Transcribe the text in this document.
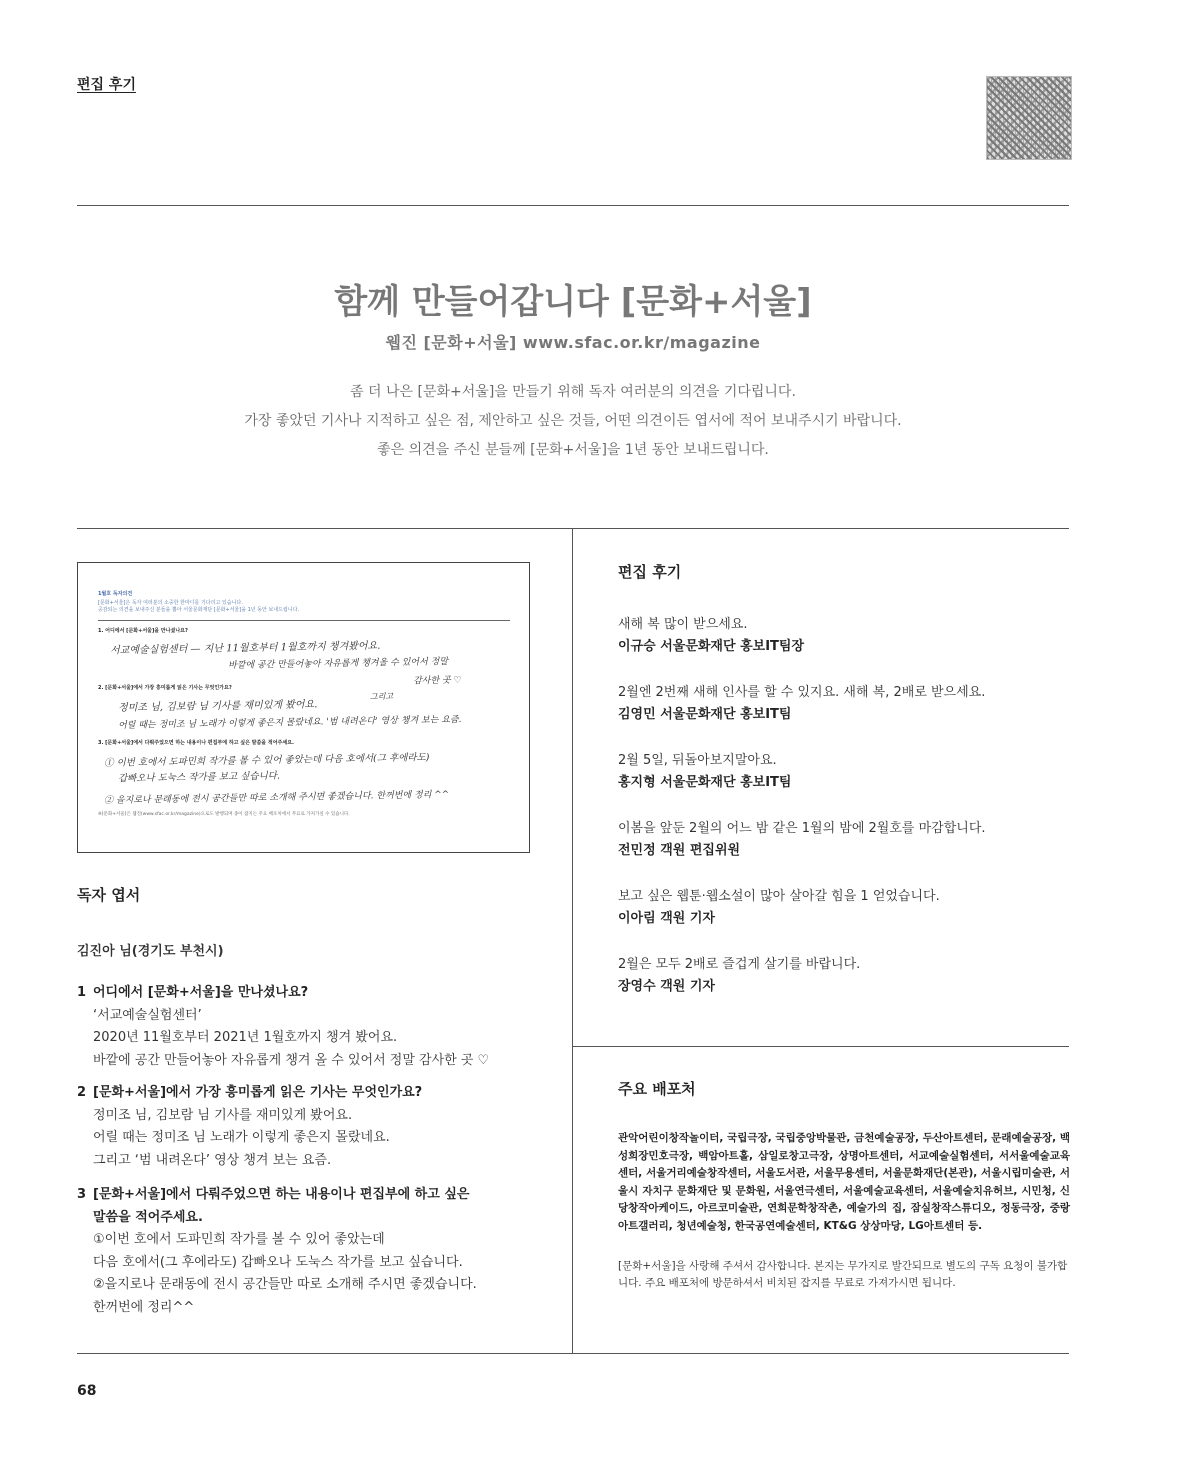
편집 후기
함께 만들어갑니다 [문화+서울]
웹진 [문화+서울] www.sfac.or.kr/magazine
좀 더 나은 [문화+서울]을 만들기 위해 독자 여러분의 의견을 기다립니다.
가장 좋았던 기사나 지적하고 싶은 점, 제안하고 싶은 것들, 어떤 의견이든 엽서에 적어 보내주시기 바랍니다.
좋은 의견을 주신 분들께 [문화+서울]을 1년 동안 보내드립니다.
1월호 독자의견
[문화+서울]은 독자 여러분의 소중한 한마디를 기다리고 있습니다.
공감되는 의견을 보내주신 분들을 뽑아 서울문화재단 [문화+서울]을 1년 동안 보내드립니다.
1. 어디에서 [문화+서울]을 만나셨나요?
서교예술실험센터 — 지난 11월호부터 1월호까지 챙겨봤어요.
바깥에 공간 만들어놓아 자유롭게 챙겨올 수 있어서 정말
감사한 곳 ♡
2. [문화+서울]에서 가장 흥미롭게 읽은 기사는 무엇인가요?
정미조 님, 김보람 님 기사를 재미있게 봤어요.
그리고
어릴 때는 정미조 님 노래가 이렇게 좋은지 몰랐네요. '범 내려온다' 영상 챙겨 보는 요즘.
3. [문화+서울]에서 다뤄주었으면 하는 내용이나 편집부에 하고 싶은 말씀을 적어주세요.
① 이번 호에서 도파민희 작가를 볼 수 있어 좋았는데 다음 호에서(그 후에라도)
갑빠오나 도눅스 작가를 보고 싶습니다.
② 을지로나 문래동에 전시 공간들만 따로 소개해 주시면 좋겠습니다. 한꺼번에 정리 ^^
※[문화+서울]은 웹진(www.sfac.or.kr/magazine)으로도 발행되며 종이 잡지는 주요 배포처에서 무료로 가져가실 수 있습니다.
독자 엽서
김진아 님(경기도 부천시)
1 어디에서 [문화+서울]을 만나셨나요?
‘서교예술실험센터’
2020년 11월호부터 2021년 1월호까지 챙겨 봤어요.
바깥에 공간 만들어놓아 자유롭게 챙겨 올 수 있어서 정말 감사한 곳 ♡
2 [문화+서울]에서 가장 흥미롭게 읽은 기사는 무엇인가요?
정미조 님, 김보람 님 기사를 재미있게 봤어요.
어릴 때는 정미조 님 노래가 이렇게 좋은지 몰랐네요.
그리고 ‘범 내려온다’ 영상 챙겨 보는 요즘.
3 [문화+서울]에서 다뤄주었으면 하는 내용이나 편집부에 하고 싶은
말씀을 적어주세요.
①이번 호에서 도파민희 작가를 볼 수 있어 좋았는데
다음 호에서(그 후에라도) 갑빠오나 도눅스 작가를 보고 싶습니다.
②을지로나 문래동에 전시 공간들만 따로 소개해 주시면 좋겠습니다.
한꺼번에 정리^^
편집 후기
새해 복 많이 받으세요.
이규승 서울문화재단 홍보IT팀장
2월엔 2번째 새해 인사를 할 수 있지요. 새해 복, 2배로 받으세요.
김영민 서울문화재단 홍보IT팀
2월 5일, 뒤돌아보지말아요.
홍지형 서울문화재단 홍보IT팀
이봄을 앞둔 2월의 어느 밤 같은 1월의 밤에 2월호를 마감합니다.
전민정 객원 편집위원
보고 싶은 웹툰·웹소설이 많아 살아갈 힘을 1 얻었습니다.
이아림 객원 기자
2월은 모두 2배로 즐겁게 살기를 바랍니다.
장영수 객원 기자
주요 배포처
관악어린이창작놀이터, 국립극장, 국립중앙박물관, 금천예술공장, 두산아트센터, 문래예술공장, 백성희장민호극장, 백암아트홀, 삼일로창고극장, 상명아트센터, 서교예술실험센터, 서서울예술교육센터, 서울거리예술창작센터, 서울도서관, 서울무용센터, 서울문화재단(본관), 서울시립미술관, 서울시 자치구 문화재단 및 문화원, 서울연극센터, 서울예술교육센터, 서울예술치유허브, 시민청, 신당창작아케이드, 아르코미술관, 연희문학창작촌, 예술가의 집, 잠실창작스튜디오, 정동극장, 중랑아트갤러리, 청년예술청, 한국공연예술센터, KT&G 상상마당, LG아트센터 등.
[문화+서울]을 사랑해 주셔서 감사합니다. 본지는 무가지로 발간되므로 별도의 구독 요청이 불가합니다. 주요 배포처에 방문하셔서 비치된 잡지를 무료로 가져가시면 됩니다.
68
